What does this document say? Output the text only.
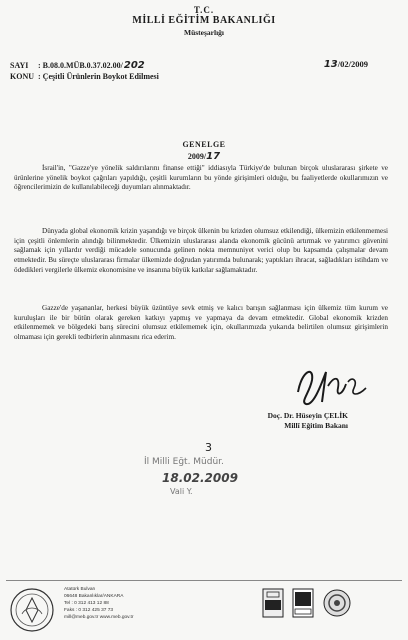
T.C.
MİLLİ EĞİTİM BAKANLIĞI
Müsteşarlığı
SAYI : B.08.0.MÜB.0.37.02.00/202
KONU : Çeşitli Ürünlerin Boykot Edilmesi
13/02/2009
GENELGE
2009/17

İsrail'in, "Gazze'ye yönelik saldırılarını finanse ettiği" iddiasıyla Türkiye'de bulunan birçok uluslararası şirkete ve ürünlerine yönelik boykot çağrıları yapıldığı, çeşitli kurumların bu yönde girişimleri olduğu, bu faaliyetlerde okullarımızın ve öğrencilerimizin de kullanılabileceği duyumları alınmaktadır.

Dünyada global ekonomik krizin yaşandığı ve birçok ülkenin bu krizden olumsuz etkilendiği, ülkemizin etkilenmemesi için çeşitli önlemlerin alındığı bilinmektedir. Ülkemizin uluslararası alanda ekonomik gücünü artırmak ve yatırımcı güvenini sağlamak için yıllardır verdiği mücadele sonucunda gelinen nokta memnuniyet verici olup bu kapsamda çalışmalar devam etmektedir. Bu süreçte uluslararası firmalar ülkemizde doğrudan yatırımda bulunarak; yaptıkları ihracat, sağladıkları istihdam ve ödedikleri vergilerle ülkemiz ekonomisine ve insanına büyük katkılar sağlamaktadır.

Gazze'de yaşananlar, herkesi büyük üzüntüye sevk etmiş ve kalıcı barışın sağlanması için ülkemiz tüm kurum ve kuruluşları ile bir bütün olarak gereken katkıyı yapmış ve yapmaya da devam etmektedir. Global ekonomik krizden etkilenmemek ve bölgedeki barış sürecini olumsuz etkilememek için, okullarımızda yukarıda belirtilen olumsuz girişimlerin olmaması için gerekli tedbirlerin alınmasını rica ederim.

Doç. Dr. Hüseyin ÇELİK
Millî Eğitim Bakanı
3
İl Milli Eğt. Müdür.
18.02.2009
Vali Y.
Atatürk Bulvarı
06648 Bakanlıklar/ANKARA
Tel : 0 312 413 12 88
Faks : 0 312 425 37 73
mill@meb.gov.tr www.meb.gov.tr
